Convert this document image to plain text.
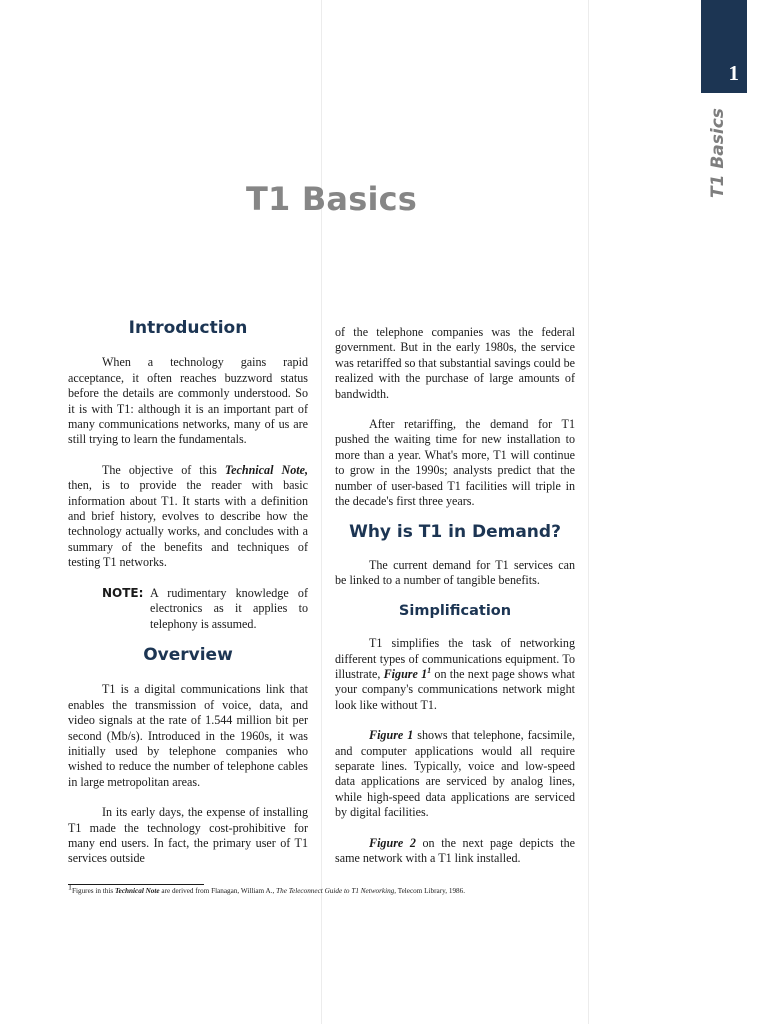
1
T1 Basics
T1 Basics
Introduction

When a technology gains rapid acceptance, it often reaches buzzword status before the details are commonly understood. So it is with T1: although it is an important part of many communications networks, many of us are still trying to learn the fundamentals.

The objective of this Technical Note, then, is to provide the reader with basic information about T1. It starts with a definition and brief history, evolves to describe how the technology actually works, and concludes with a summary of the benefits and techniques of testing T1 networks.

NOTE: A rudimentary knowledge of electronics as it applies to telephony is assumed.
Overview

T1 is a digital communications link that enables the transmission of voice, data, and video signals at the rate of 1.544 million bit per second (Mb/s). Introduced in the 1960s, it was initially used by telephone companies who wished to reduce the number of telephone cables in large metropolitan areas.

In its early days, the expense of installing T1 made the technology cost-prohibitive for many end users. In fact, the primary user of T1 services outside

of the telephone companies was the federal government. But in the early 1980s, the service was retariffed so that substantial savings could be realized with the purchase of large amounts of bandwidth.

After retariffing, the demand for T1 pushed the waiting time for new installation to more than a year. What's more, T1 will continue to grow in the 1990s; analysts predict that the number of user-based T1 facilities will triple in the decade's first three years.

Why is T1 in Demand?

The current demand for T1 services can be linked to a number of tangible benefits.

Simplification

T1 simplifies the task of networking different types of communications equipment. To illustrate, Figure $1^1$ on the next page shows what your company's communications network might look like without T1.

Figure 1 shows that telephone, facsimile, and computer applications would all require separate lines. Typically, voice and low-speed data applications are serviced by analog lines, while high-speed data applications are serviced by digital facilities.

Figure 2 on the next page depicts the same network with a T1 link installed.

$^1$Figures in this Technical Note are derived from Flanagan, William A., The Teleconnect Guide to T1 Networking, Telecom Library, 1986.
